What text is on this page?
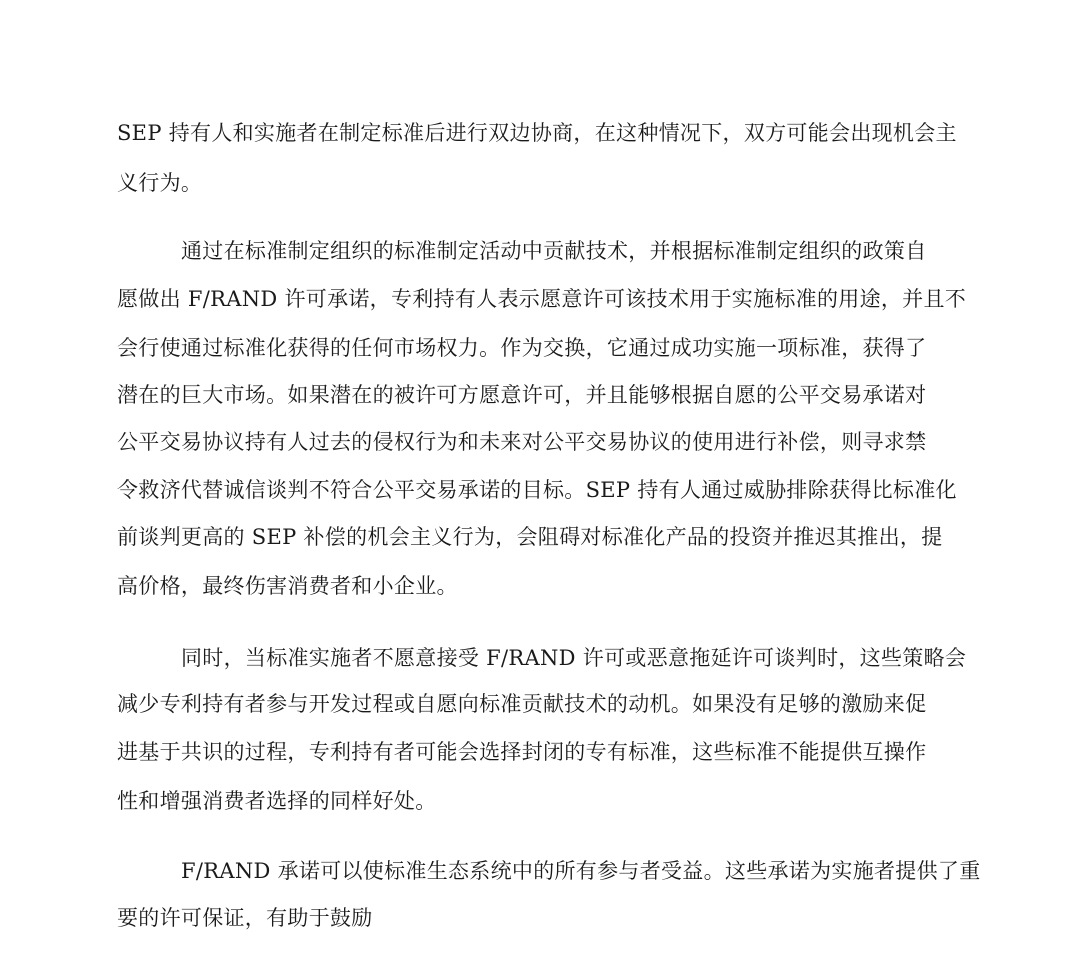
SEP 持有人和实施者在制定标准后进行双边协商，在这种情况下，双方可能会出现机会主
义行为。
通过在标准制定组织的标准制定活动中贡献技术，并根据标准制定组织的政策自
愿做出 F/RAND 许可承诺，专利持有人表示愿意许可该技术用于实施标准的用途，并且不
会行使通过标准化获得的任何市场权力。作为交换，它通过成功实施一项标准，获得了
潜在的巨大市场。如果潜在的被许可方愿意许可，并且能够根据自愿的公平交易承诺对
公平交易协议持有人过去的侵权行为和未来对公平交易协议的使用进行补偿，则寻求禁
令救济代替诚信谈判不符合公平交易承诺的目标。SEP 持有人通过威胁排除获得比标准化
前谈判更高的 SEP 补偿的机会主义行为，会阻碍对标准化产品的投资并推迟其推出，提
高价格，最终伤害消费者和小企业。
同时，当标准实施者不愿意接受 F/RAND 许可或恶意拖延许可谈判时，这些策略会
减少专利持有者参与开发过程或自愿向标准贡献技术的动机。如果没有足够的激励来促
进基于共识的过程，专利持有者可能会选择封闭的专有标准，这些标准不能提供互操作
性和增强消费者选择的同样好处。
F/RAND 承诺可以使标准生态系统中的所有参与者受益。这些承诺为实施者提供了重
要的许可保证，有助于鼓励
